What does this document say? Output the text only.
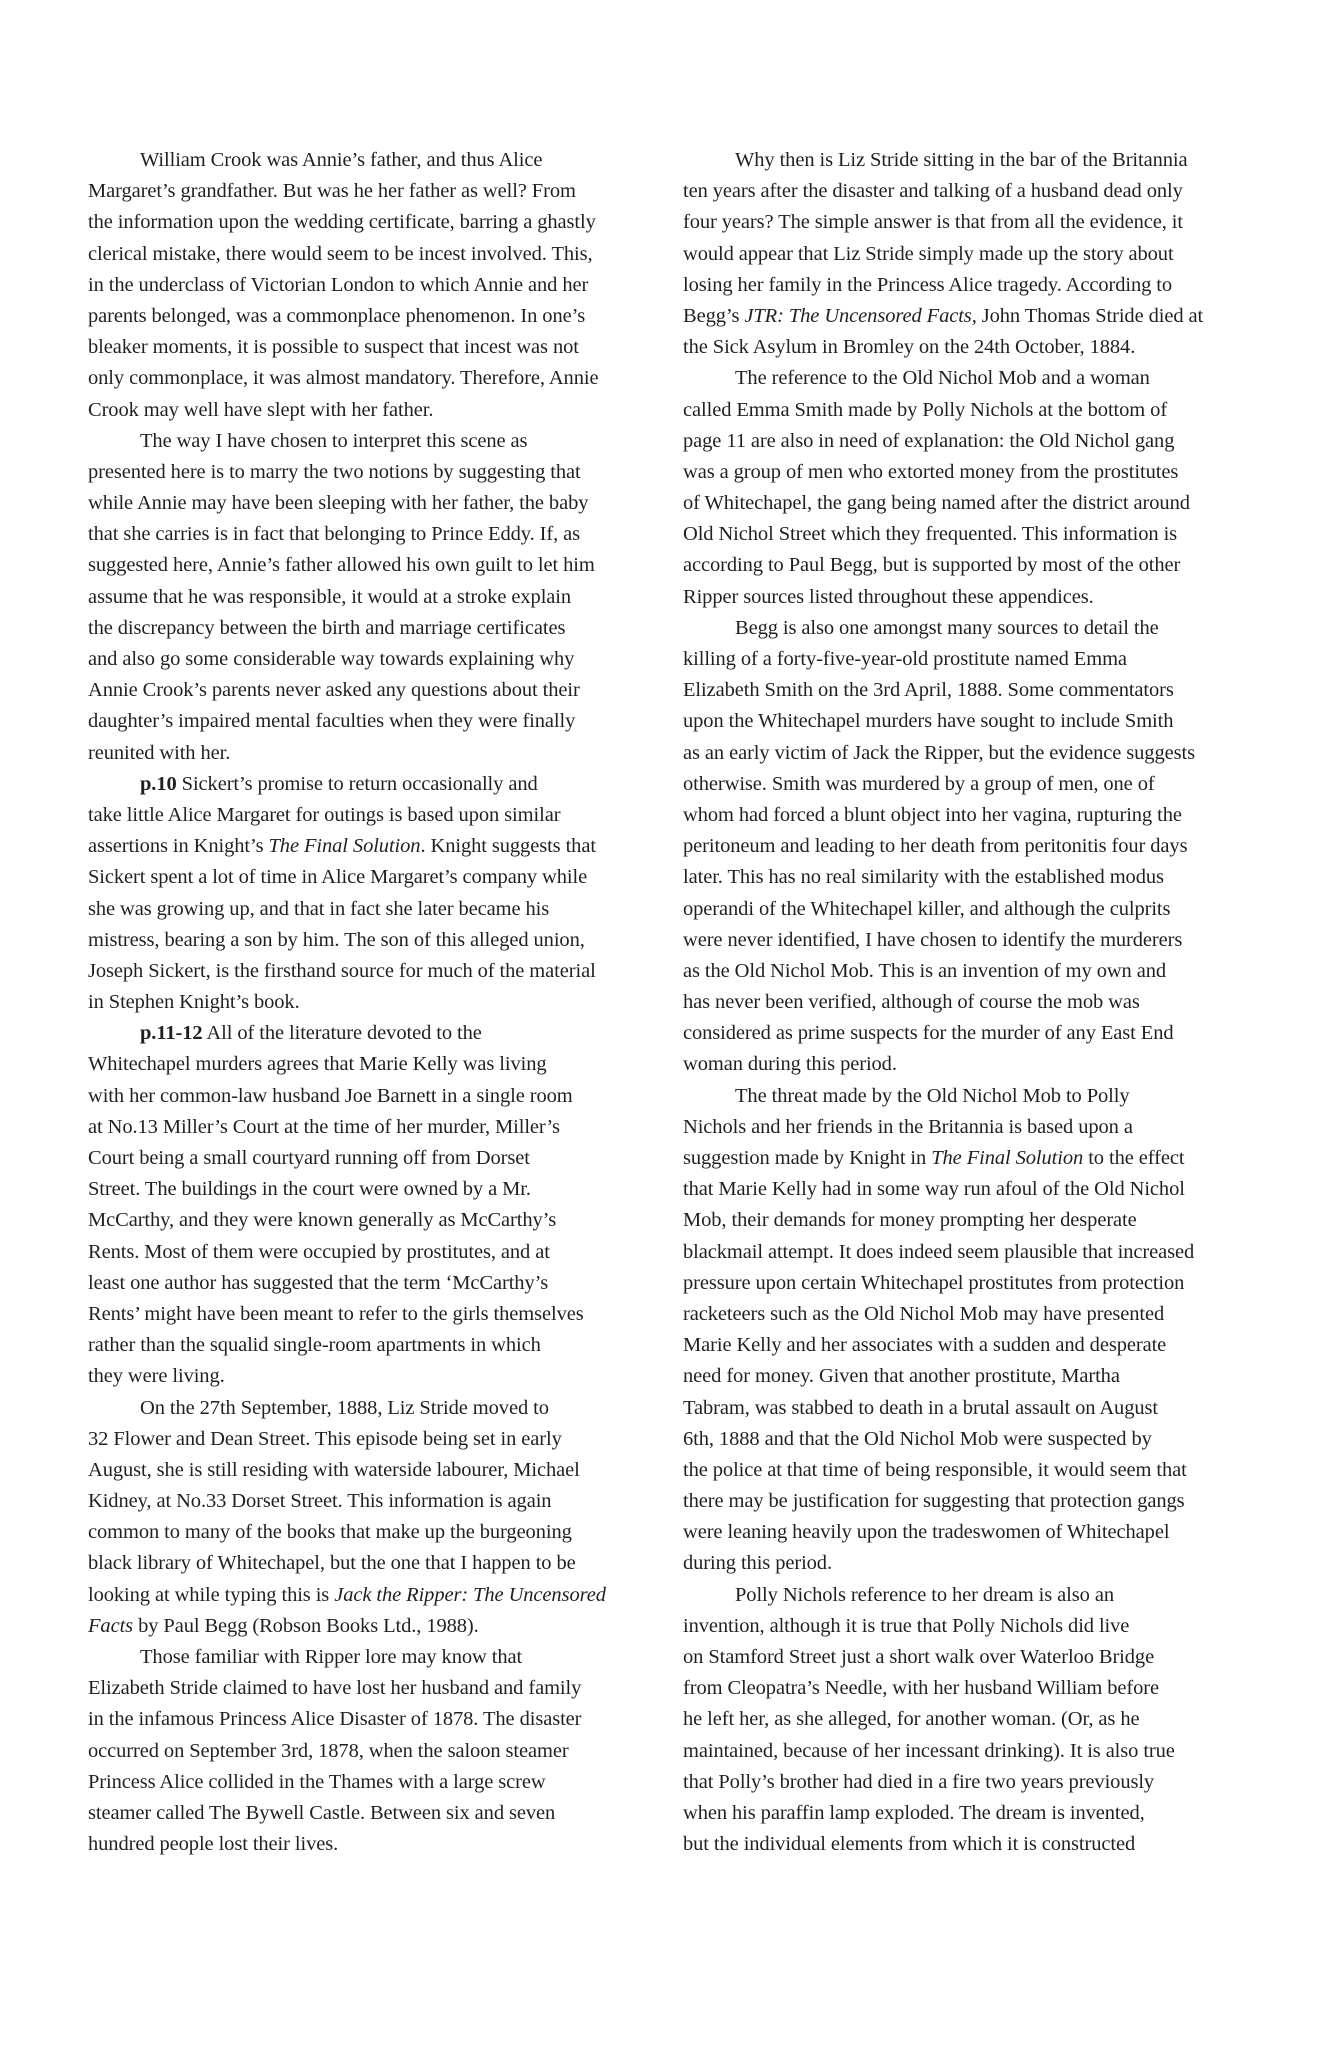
William Crook was Annie’s father, and thus Alice
Margaret’s grandfather. But was he her father as well? From
the information upon the wedding certificate, barring a ghastly
clerical mistake, there would seem to be incest involved. This,
in the underclass of Victorian London to which Annie and her
parents belonged, was a commonplace phenomenon. In one’s
bleaker moments, it is possible to suspect that incest was not
only commonplace, it was almost mandatory. Therefore, Annie
Crook may well have slept with her father.
The way I have chosen to interpret this scene as
presented here is to marry the two notions by suggesting that
while Annie may have been sleeping with her father, the baby
that she carries is in fact that belonging to Prince Eddy. If, as
suggested here, Annie’s father allowed his own guilt to let him
assume that he was responsible, it would at a stroke explain
the discrepancy between the birth and marriage certificates
and also go some considerable way towards explaining why
Annie Crook’s parents never asked any questions about their
daughter’s impaired mental faculties when they were finally
reunited with her.
p.10 Sickert’s promise to return occasionally and
take little Alice Margaret for outings is based upon similar
assertions in Knight’s The Final Solution. Knight suggests that
Sickert spent a lot of time in Alice Margaret’s company while
she was growing up, and that in fact she later became his
mistress, bearing a son by him. The son of this alleged union,
Joseph Sickert, is the firsthand source for much of the material
in Stephen Knight’s book.
p.11-12 All of the literature devoted to the
Whitechapel murders agrees that Marie Kelly was living
with her common-law husband Joe Barnett in a single room
at No.13 Miller’s Court at the time of her murder, Miller’s
Court being a small courtyard running off from Dorset
Street. The buildings in the court were owned by a Mr.
McCarthy, and they were known generally as McCarthy’s
Rents. Most of them were occupied by prostitutes, and at
least one author has suggested that the term ‘McCarthy’s
Rents’ might have been meant to refer to the girls themselves
rather than the squalid single-room apartments in which
they were living.
On the 27th September, 1888, Liz Stride moved to
32 Flower and Dean Street. This episode being set in early
August, she is still residing with waterside labourer, Michael
Kidney, at No.33 Dorset Street. This information is again
common to many of the books that make up the burgeoning
black library of Whitechapel, but the one that I happen to be
looking at while typing this is Jack the Ripper: The Uncensored
Facts by Paul Begg (Robson Books Ltd., 1988).
Those familiar with Ripper lore may know that
Elizabeth Stride claimed to have lost her husband and family
in the infamous Princess Alice Disaster of 1878. The disaster
occurred on September 3rd, 1878, when the saloon steamer
Princess Alice collided in the Thames with a large screw
steamer called The Bywell Castle. Between six and seven
hundred people lost their lives.
Why then is Liz Stride sitting in the bar of the Britannia
ten years after the disaster and talking of a husband dead only
four years? The simple answer is that from all the evidence, it
would appear that Liz Stride simply made up the story about
losing her family in the Princess Alice tragedy. According to
Begg’s JTR: The Uncensored Facts, John Thomas Stride died at
the Sick Asylum in Bromley on the 24th October, 1884.
The reference to the Old Nichol Mob and a woman
called Emma Smith made by Polly Nichols at the bottom of
page 11 are also in need of explanation: the Old Nichol gang
was a group of men who extorted money from the prostitutes
of Whitechapel, the gang being named after the district around
Old Nichol Street which they frequented. This information is
according to Paul Begg, but is supported by most of the other
Ripper sources listed throughout these appendices.
Begg is also one amongst many sources to detail the
killing of a forty-five-year-old prostitute named Emma
Elizabeth Smith on the 3rd April, 1888. Some commentators
upon the Whitechapel murders have sought to include Smith
as an early victim of Jack the Ripper, but the evidence suggests
otherwise. Smith was murdered by a group of men, one of
whom had forced a blunt object into her vagina, rupturing the
peritoneum and leading to her death from peritonitis four days
later. This has no real similarity with the established modus
operandi of the Whitechapel killer, and although the culprits
were never identified, I have chosen to identify the murderers
as the Old Nichol Mob. This is an invention of my own and
has never been verified, although of course the mob was
considered as prime suspects for the murder of any East End
woman during this period.
The threat made by the Old Nichol Mob to Polly
Nichols and her friends in the Britannia is based upon a
suggestion made by Knight in The Final Solution to the effect
that Marie Kelly had in some way run afoul of the Old Nichol
Mob, their demands for money prompting her desperate
blackmail attempt. It does indeed seem plausible that increased
pressure upon certain Whitechapel prostitutes from protection
racketeers such as the Old Nichol Mob may have presented
Marie Kelly and her associates with a sudden and desperate
need for money. Given that another prostitute, Martha
Tabram, was stabbed to death in a brutal assault on August
6th, 1888 and that the Old Nichol Mob were suspected by
the police at that time of being responsible, it would seem that
there may be justification for suggesting that protection gangs
were leaning heavily upon the tradeswomen of Whitechapel
during this period.
Polly Nichols reference to her dream is also an
invention, although it is true that Polly Nichols did live
on Stamford Street just a short walk over Waterloo Bridge
from Cleopatra’s Needle, with her husband William before
he left her, as she alleged, for another woman. (Or, as he
maintained, because of her incessant drinking). It is also true
that Polly’s brother had died in a fire two years previously
when his paraffin lamp exploded. The dream is invented,
but the individual elements from which it is constructed
